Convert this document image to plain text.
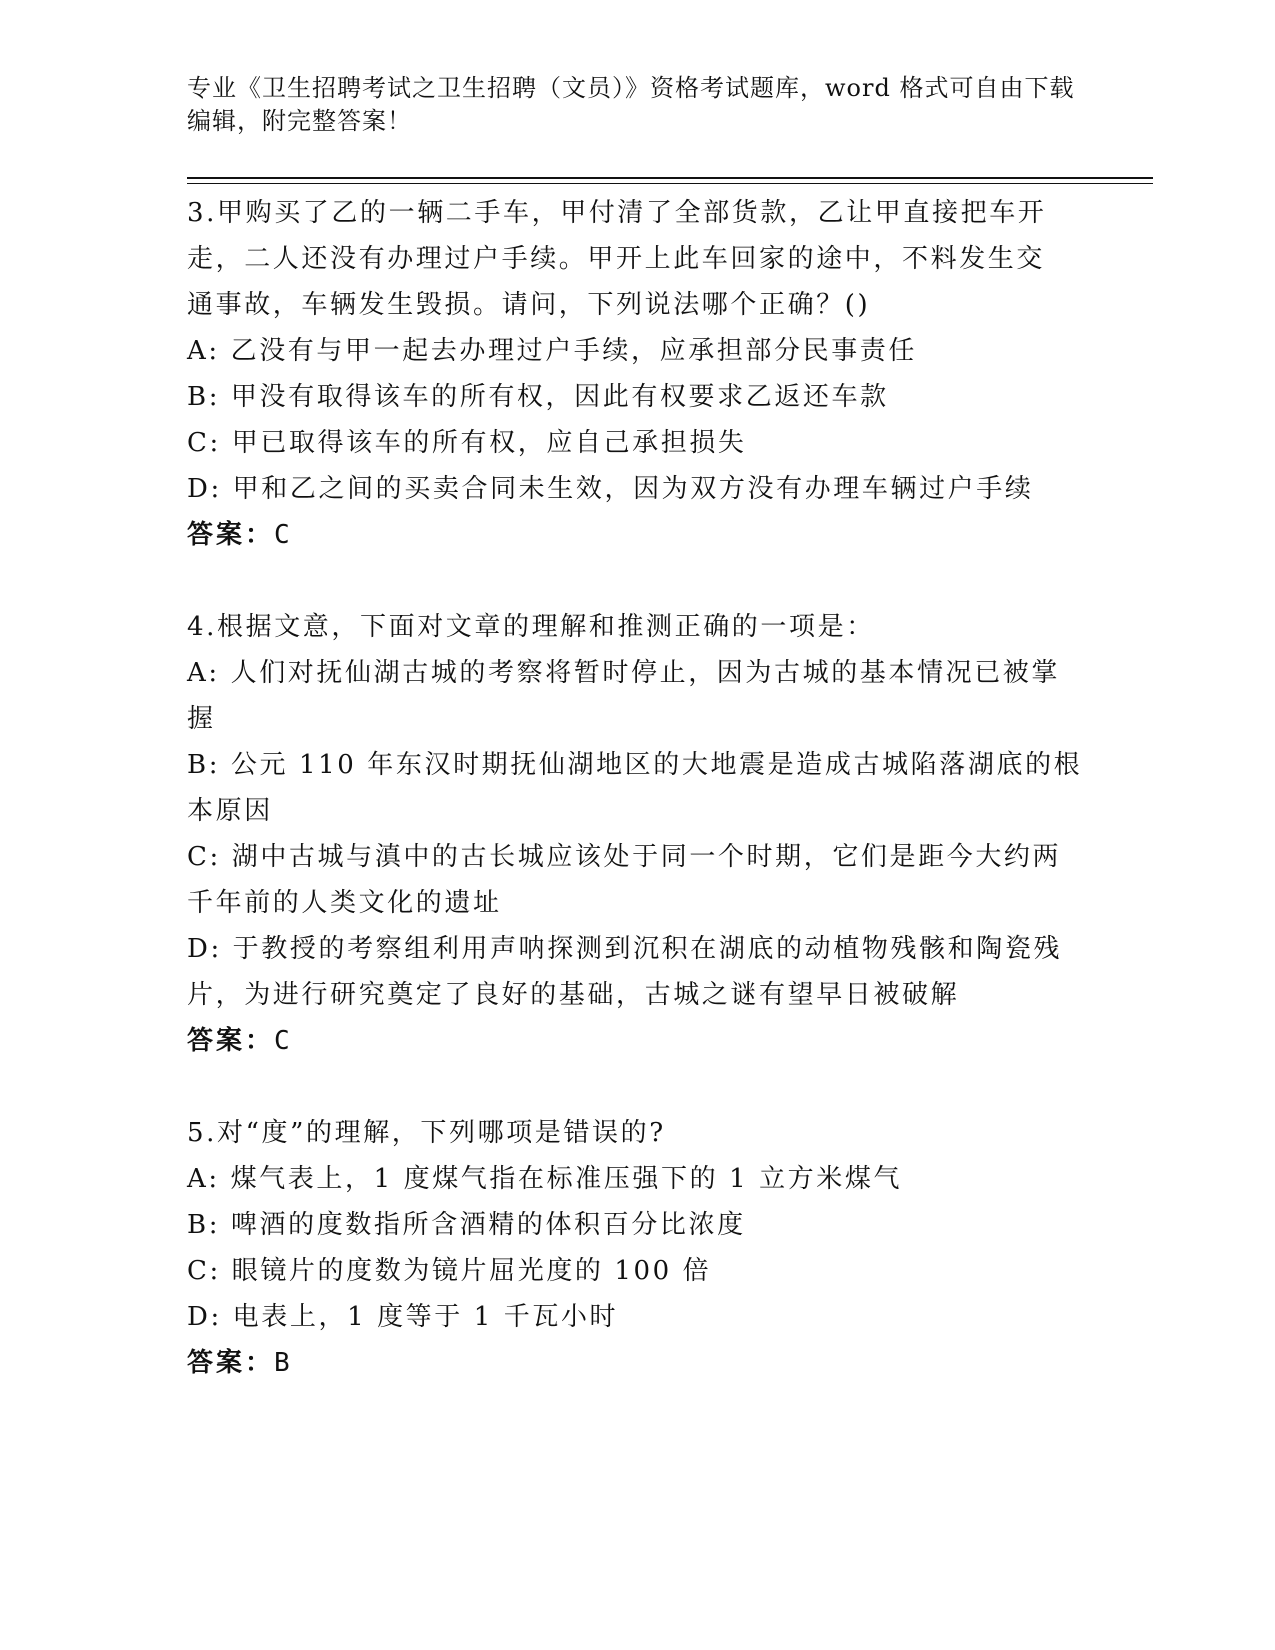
专业《卫生招聘考试之卫生招聘（文员）》资格考试题库，word 格式可自由下载
编辑，附完整答案！

3.甲购买了乙的一辆二手车，甲付清了全部货款，乙让甲直接把车开

走，二人还没有办理过户手续。甲开上此车回家的途中，不料发生交

通事故，车辆发生毁损。请问，下列说法哪个正确？()

A: 乙没有与甲一起去办理过户手续，应承担部分民事责任

B: 甲没有取得该车的所有权，因此有权要求乙返还车款

C: 甲已取得该车的所有权，应自己承担损失

D: 甲和乙之间的买卖合同未生效，因为双方没有办理车辆过户手续

答案：C

4.根据文意，下面对文章的理解和推测正确的一项是：

A: 人们对抚仙湖古城的考察将暂时停止，因为古城的基本情况已被掌

握

B: 公元 110 年东汉时期抚仙湖地区的大地震是造成古城陷落湖底的根

本原因

C: 湖中古城与滇中的古长城应该处于同一个时期，它们是距今大约两

千年前的人类文化的遗址

D: 于教授的考察组利用声呐探测到沉积在湖底的动植物残骸和陶瓷残

片，为进行研究奠定了良好的基础，古城之谜有望早日被破解

答案：C

5.对“度”的理解，下列哪项是错误的?

A: 煤气表上，1 度煤气指在标准压强下的 1 立方米煤气

B: 啤酒的度数指所含酒精的体积百分比浓度

C: 眼镜片的度数为镜片屈光度的 100 倍

D: 电表上，1 度等于 1 千瓦小时

答案：B
